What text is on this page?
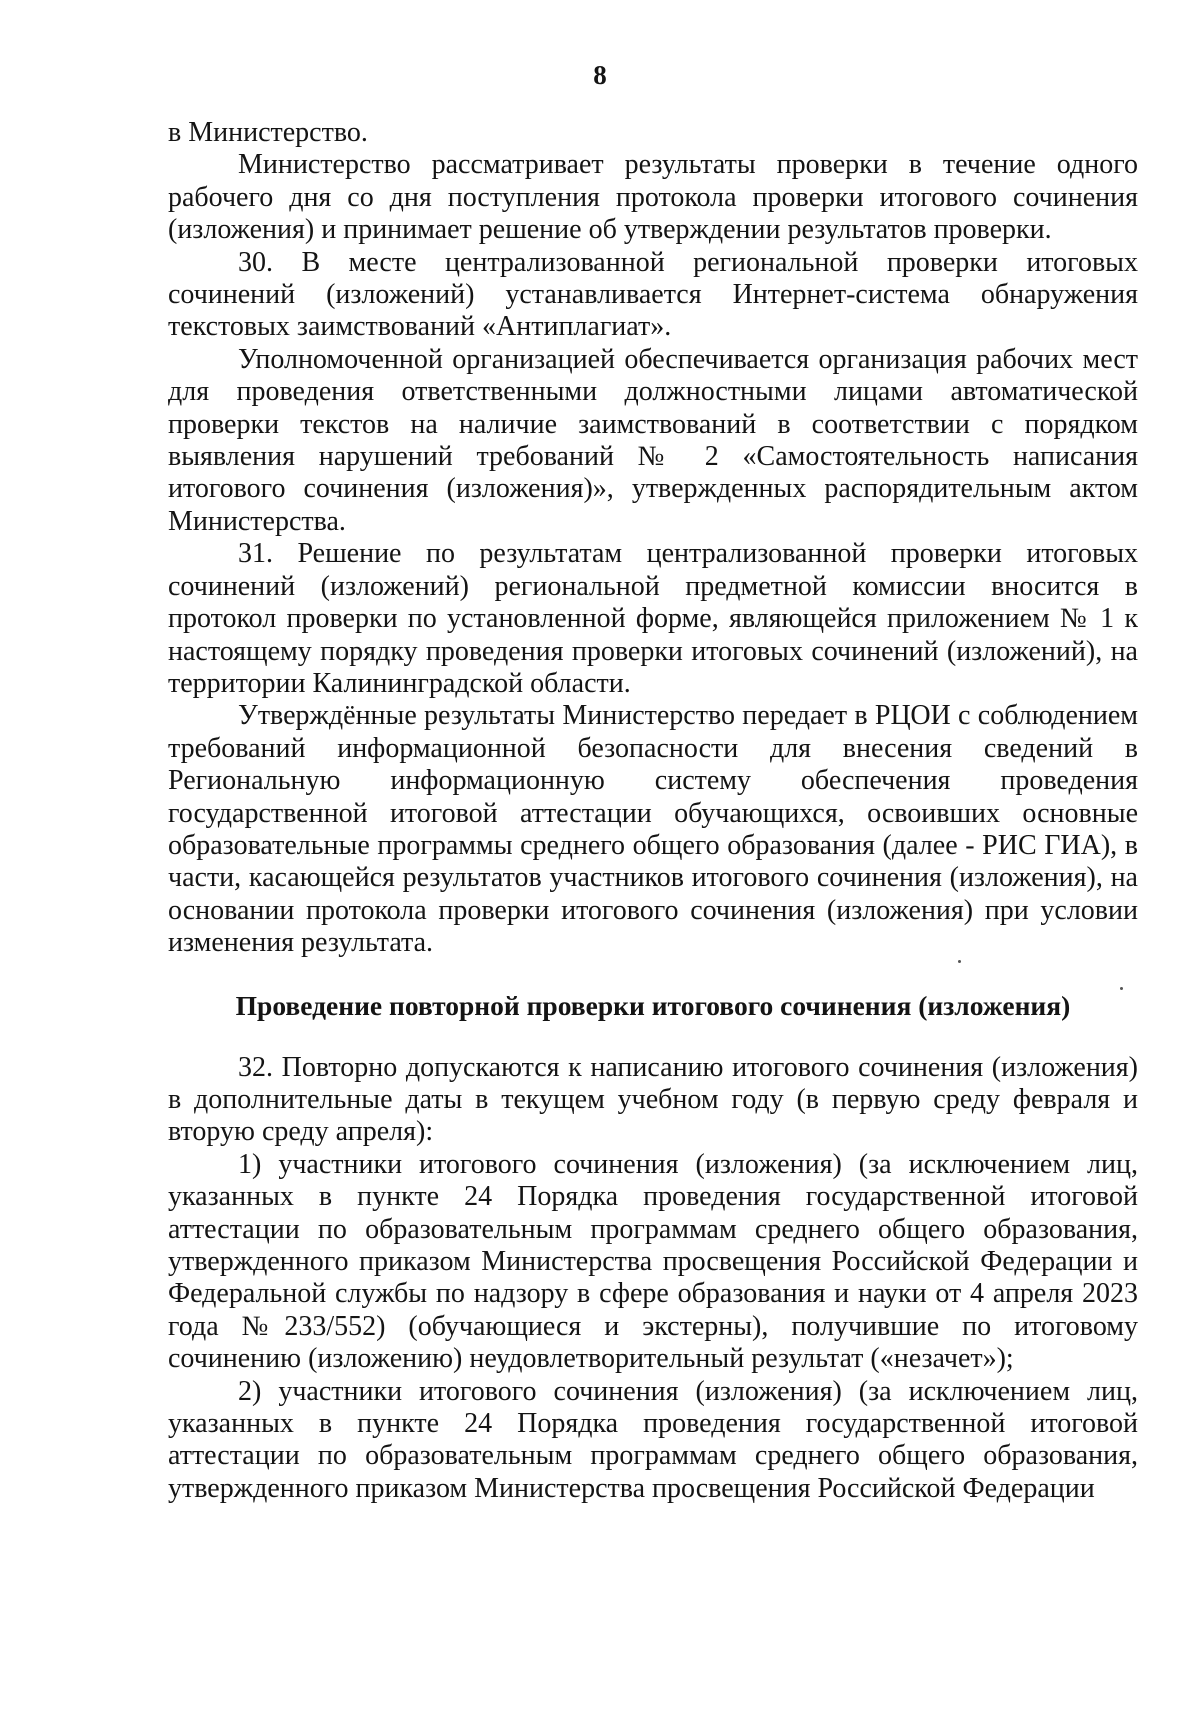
8

в Министерство.

Министерство рассматривает результаты проверки в течение одного рабочего дня со дня поступления протокола проверки итогового сочинения (изложения) и принимает решение об утверждении результатов проверки.

30. В месте централизованной региональной проверки итоговых сочинений (изложений) устанавливается Интернет-система обнаружения текстовых заимствований «Антиплагиат».

Уполномоченной организацией обеспечивается организация рабочих мест для проведения ответственными должностными лицами автоматической проверки текстов на наличие заимствований в соответствии с порядком выявления нарушений требований № 2 «Самостоятельность написания итогового сочинения (изложения)», утвержденных распорядительным актом Министерства.

31. Решение по результатам централизованной проверки итоговых сочинений (изложений) региональной предметной комиссии вносится в протокол проверки по установленной форме, являющейся приложением № 1 к настоящему порядку проведения проверки итоговых сочинений (изложений), на территории Калининградской области.

Утверждённые результаты Министерство передает в РЦОИ с соблюдением требований информационной безопасности для внесения сведений в Региональную информационную систему обеспечения проведения государственной итоговой аттестации обучающихся, освоивших основные образовательные программы среднего общего образования (далее - РИС ГИА), в части, касающейся результатов участников итогового сочинения (изложения), на основании протокола проверки итогового сочинения (изложения) при условии изменения результата.

Проведение повторной проверки итогового сочинения (изложения)

32. Повторно допускаются к написанию итогового сочинения (изложения) в дополнительные даты в текущем учебном году (в первую среду февраля и вторую среду апреля):

1) участники итогового сочинения (изложения) (за исключением лиц, указанных в пункте 24 Порядка проведения государственной итоговой аттестации по образовательным программам среднего общего образования, утвержденного приказом Министерства просвещения Российской Федерации и Федеральной службы по надзору в сфере образования и науки от 4 апреля 2023 года №233/552) (обучающиеся и экстерны), получившие по итоговому сочинению (изложению) неудовлетворительный результат («незачет»);

2) участники итогового сочинения (изложения) (за исключением лиц, указанных в пункте 24 Порядка проведения государственной итоговой аттестации по образовательным программам среднего общего образования, утвержденного приказом Министерства просвещения Российской Федерации
